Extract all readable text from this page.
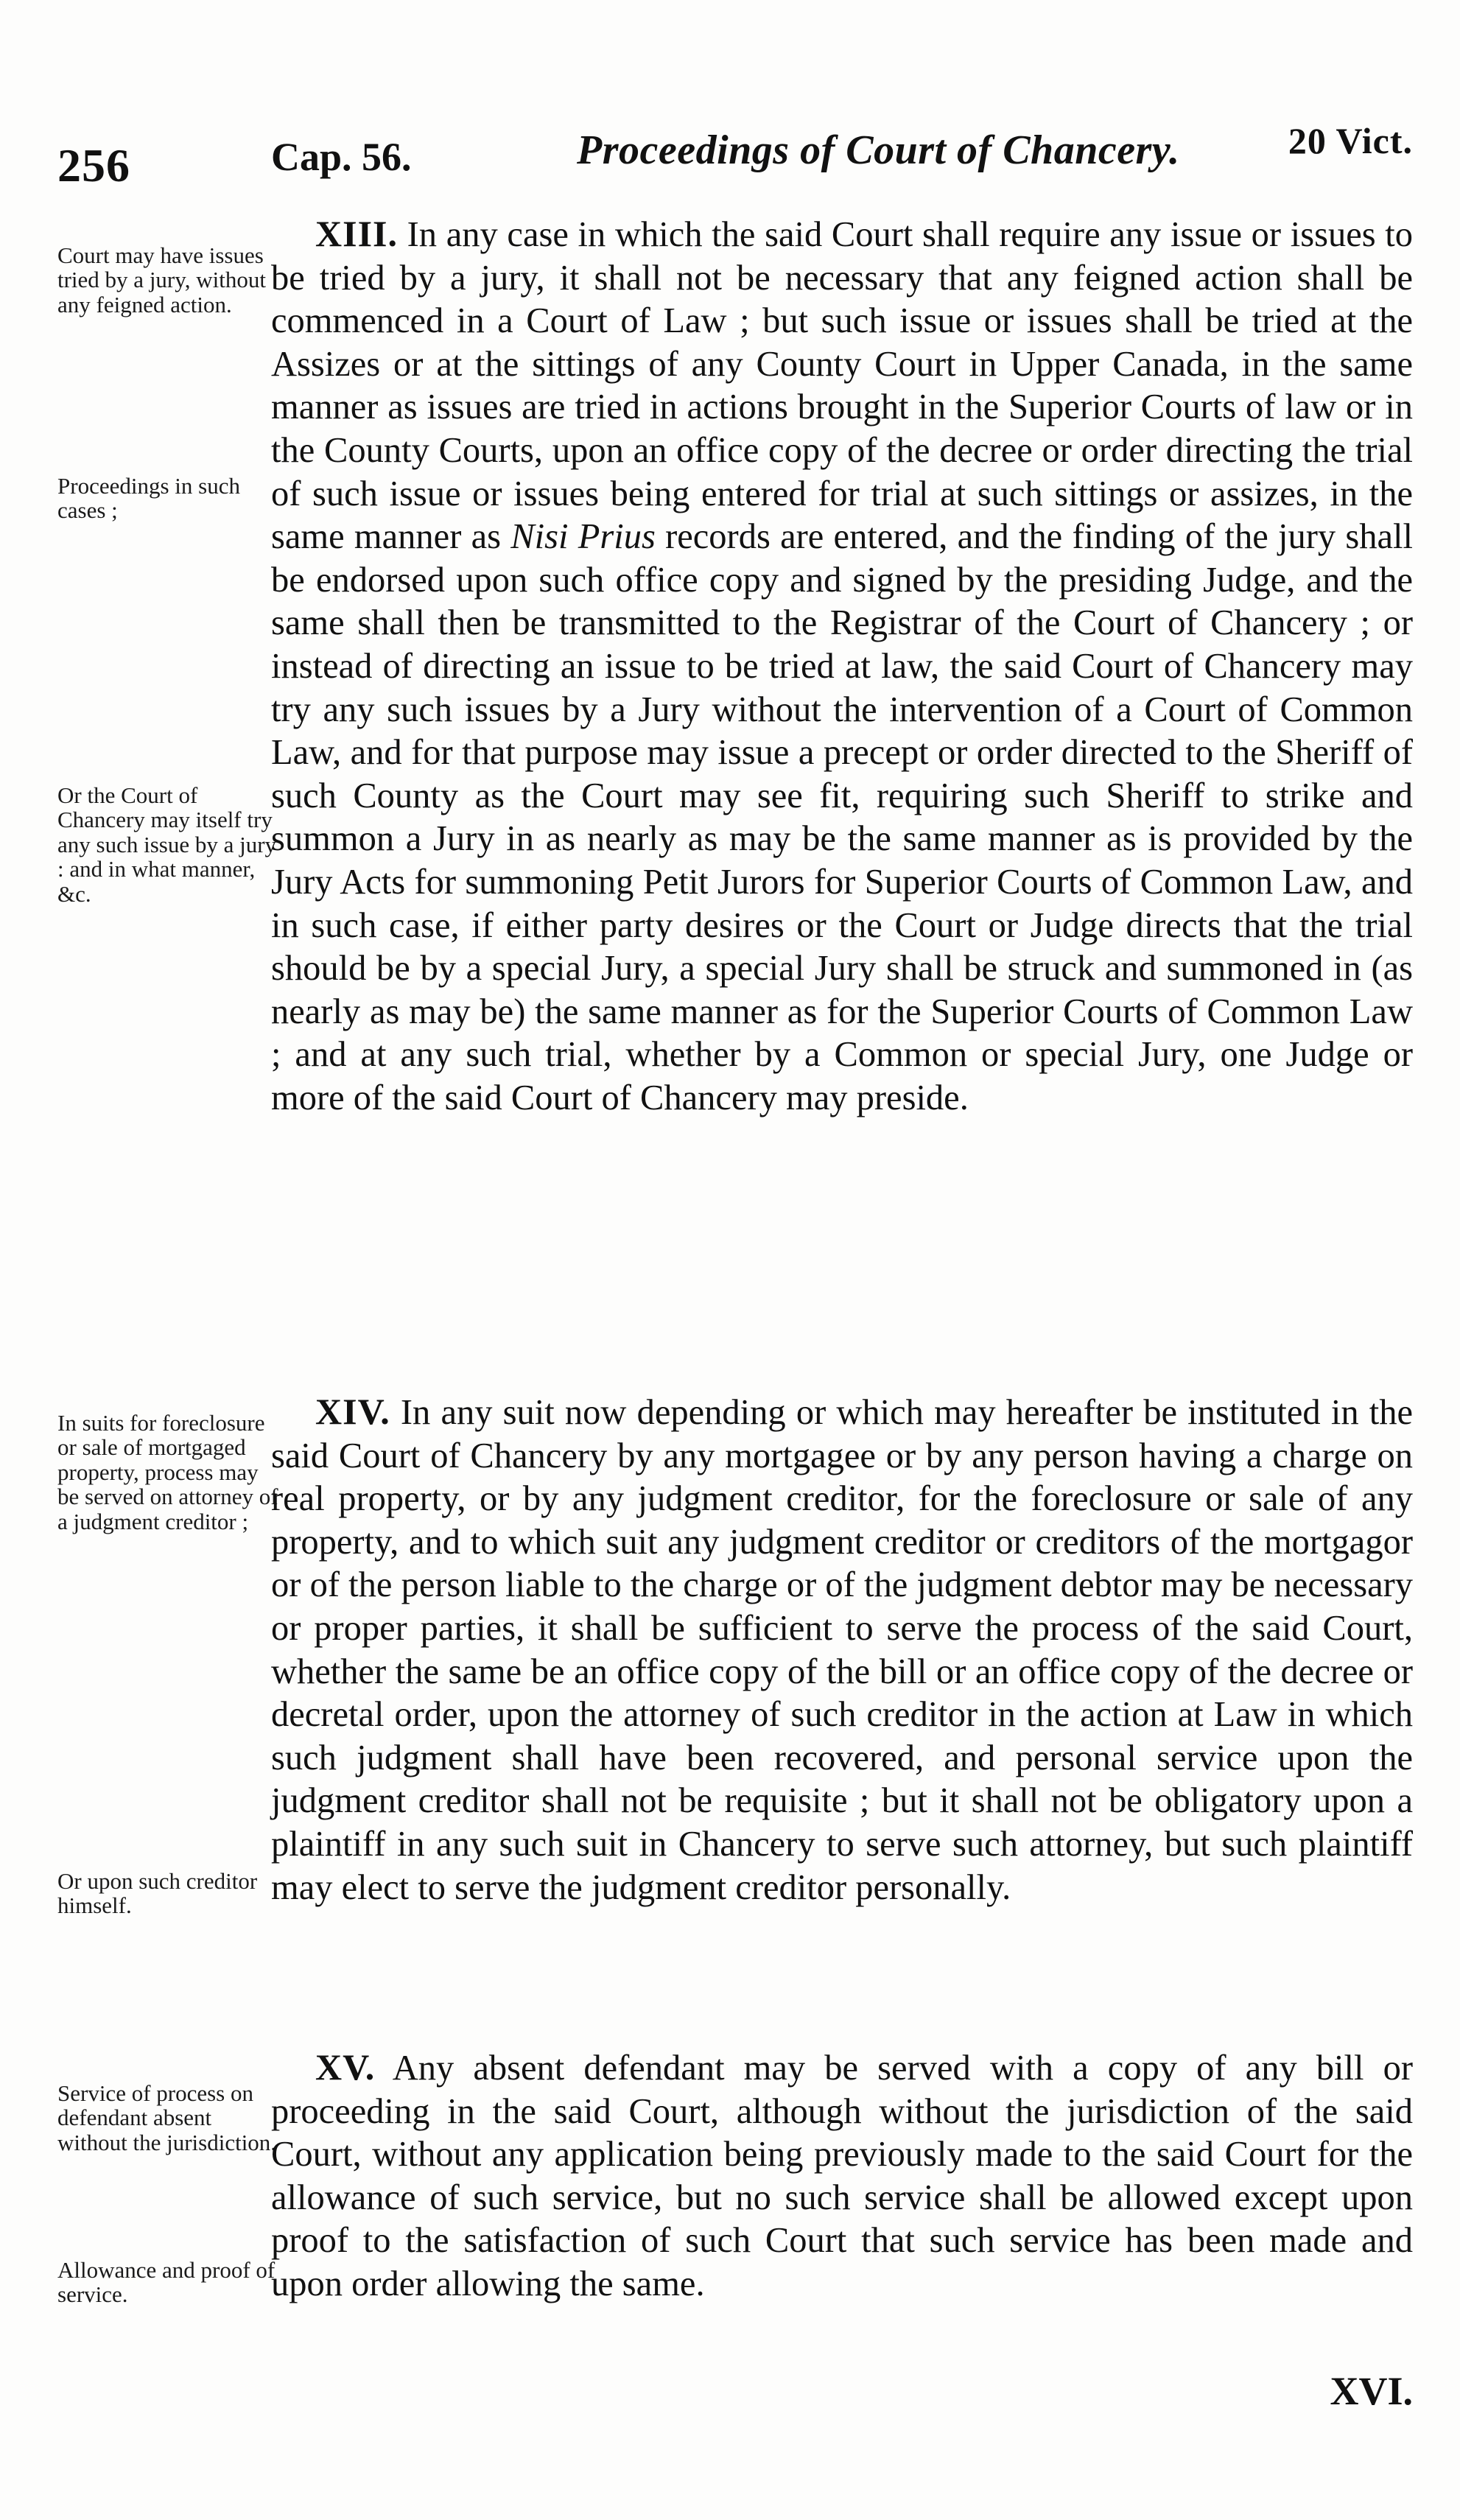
256	Cap. 56.	Proceedings of Court of Chancery.	20 Vict.
Court may have issues tried by a jury, without any feigned action.
Proceedings in such cases ;
Or the Court of Chancery may itself try any such issue by a jury : and in what manner, &c.
XIII. In any case in which the said Court shall require any issue or issues to be tried by a jury, it shall not be necessary that any feigned action shall be commenced in a Court of Law ; but such issue or issues shall be tried at the Assizes or at the sittings of any County Court in Upper Canada, in the same manner as issues are tried in actions brought in the Superior Courts of law or in the County Courts, upon an office copy of the decree or order directing the trial of such issue or issues being entered for trial at such sittings or assizes, in the same manner as Nisi Prius records are entered, and the finding of the jury shall be endorsed upon such office copy and signed by the presiding Judge, and the same shall then be transmitted to the Registrar of the Court of Chancery ; or instead of directing an issue to be tried at law, the said Court of Chancery may try any such issues by a Jury without the intervention of a Court of Common Law, and for that purpose may issue a precept or order directed to the Sheriff of such County as the Court may see fit, requiring such Sheriff to strike and summon a Jury in as nearly as may be the same manner as is provided by the Jury Acts for summoning Petit Jurors for Superior Courts of Common Law, and in such case, if either party desires or the Court or Judge directs that the trial should be by a special Jury, a special Jury shall be struck and summoned in (as nearly as may be) the same manner as for the Superior Courts of Common Law ; and at any such trial, whether by a Common or special Jury, one Judge or more of the said Court of Chancery may preside.
In suits for foreclosure or sale of mortgaged property, process may be served on attorney of a judgment creditor ;
Or upon such creditor himself.
XIV. In any suit now depending or which may hereafter be instituted in the said Court of Chancery by any mortgagee or by any person having a charge on real property, or by any judgment creditor, for the foreclosure or sale of any property, and to which suit any judgment creditor or creditors of the mortgagor or of the person liable to the charge or of the judgment debtor may be necessary or proper parties, it shall be sufficient to serve the process of the said Court, whether the same be an office copy of the bill or an office copy of the decree or decretal order, upon the attorney of such creditor in the action at Law in which such judgment shall have been recovered, and personal service upon the judgment creditor shall not be requisite ; but it shall not be obligatory upon a plaintiff in any such suit in Chancery to serve such attorney, but such plaintiff may elect to serve the judgment creditor personally.
Service of process on defendant absent without the jurisdiction.
Allowance and proof of service.
XV. Any absent defendant may be served with a copy of any bill or proceeding in the said Court, although without the jurisdiction of the said Court, without any application being previously made to the said Court for the allowance of such service, but no such service shall be allowed except upon proof to the satisfaction of such Court that such service has been made and upon order allowing the same.
XVI.
